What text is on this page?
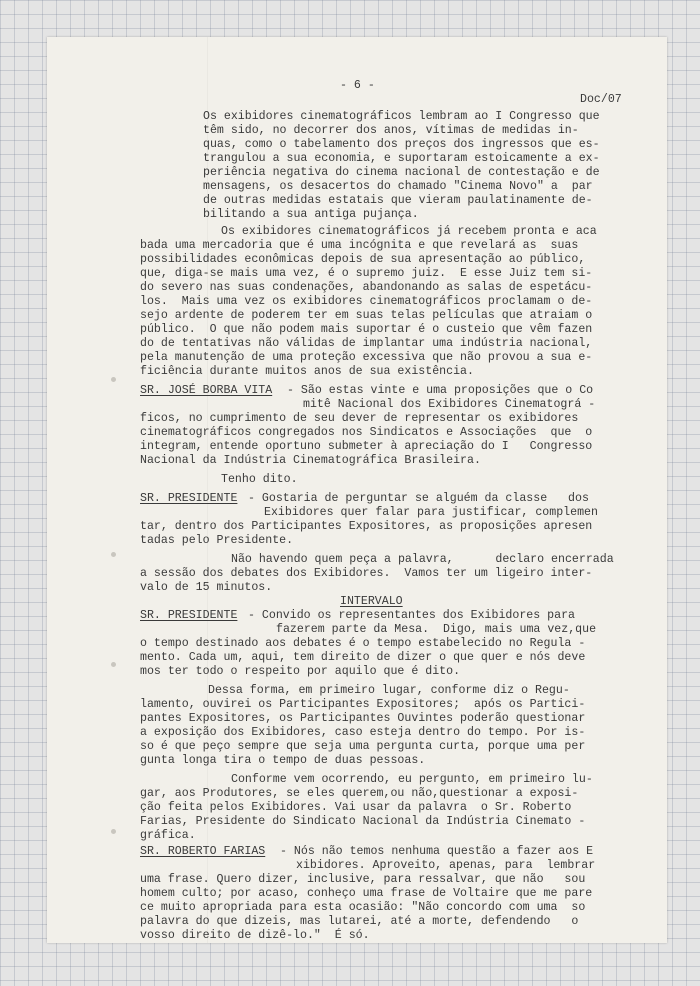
- 6 -

Doc/07

Os exibidores cinematográficos lembram ao I Congresso que

têm sido, no decorrer dos anos, vítimas de medidas in-

quas, como o tabelamento dos preços dos ingressos que es-

trangulou a sua economia, e suportaram estoicamente a ex-

periência negativa do cinema nacional de contestação e de

mensagens, os desacertos do chamado "Cinema Novo" a  par

de outras medidas estatais que vieram paulatinamente de-

bilitando a sua antiga pujança.

Os exibidores cinematográficos já recebem pronta e aca

bada uma mercadoria que é uma incógnita e que revelará as  suas

possibilidades econômicas depois de sua apresentação ao público,

que, diga-se mais uma vez, é o supremo juiz.  E esse Juiz tem si-

do severo nas suas condenações, abandonando as salas de espetácu-

los.  Mais uma vez os exibidores cinematográficos proclamam o de-

sejo ardente de poderem ter em suas telas películas que atraiam o

público.  O que não podem mais suportar é o custeio que vêm fazen

do de tentativas não válidas de implantar uma indústria nacional,

pela manutenção de uma proteção excessiva que não provou a sua e-

ficiência durante muitos anos de sua existência.

SR. JOSÉ BORBA VITA - São estas vinte e uma proposições que o Co

mitê Nacional dos Exibidores Cinematográ -

ficos, no cumprimento de seu dever de representar os exibidores

cinematográficos congregados nos Sindicatos e Associações  que  o

integram, entende oportuno submeter à apreciação do I   Congresso

Nacional da Indústria Cinematográfica Brasileira.

Tenho dito.

SR. PRESIDENTE - Gostaria de perguntar se alguém da classe   dos

Exibidores quer falar para justificar, complemen

tar, dentro dos Participantes Expositores, as proposições apresen

tadas pelo Presidente.

Não havendo quem peça a palavra,      declaro encerrada

a sessão dos debates dos Exibidores.  Vamos ter um ligeiro inter-

valo de 15 minutos.

INTERVALO

SR. PRESIDENTE - Convido os representantes dos Exibidores para

fazerem parte da Mesa.  Digo, mais uma vez,que

o tempo destinado aos debates é o tempo estabelecido no Regula -

mento. Cada um, aqui, tem direito de dizer o que quer e nós deve

mos ter todo o respeito por aquilo que é dito.

Dessa forma, em primeiro lugar, conforme diz o Regu-

lamento, ouvirei os Participantes Expositores;  após os Partici-

pantes Expositores, os Participantes Ouvintes poderão questionar

a exposição dos Exibidores, caso esteja dentro do tempo. Por is-

so é que peço sempre que seja uma pergunta curta, porque uma per

gunta longa tira o tempo de duas pessoas.

Conforme vem ocorrendo, eu pergunto, em primeiro lu-

gar, aos Produtores, se eles querem,ou não,questionar a exposi-

ção feita pelos Exibidores. Vai usar da palavra  o Sr. Roberto

Farias, Presidente do Sindicato Nacional da Indústria Cinemato -

gráfica.

SR. ROBERTO FARIAS - Nós não temos nenhuma questão a fazer aos E

xibidores. Aproveito, apenas, para  lembrar

uma frase. Quero dizer, inclusive, para ressalvar, que não   sou

homem culto; por acaso, conheço uma frase de Voltaire que me pare

ce muito apropriada para esta ocasião: "Não concordo com uma  so

palavra do que dizeis, mas lutarei, até a morte, defendendo   o

vosso direito de dizê-lo."  É só.
